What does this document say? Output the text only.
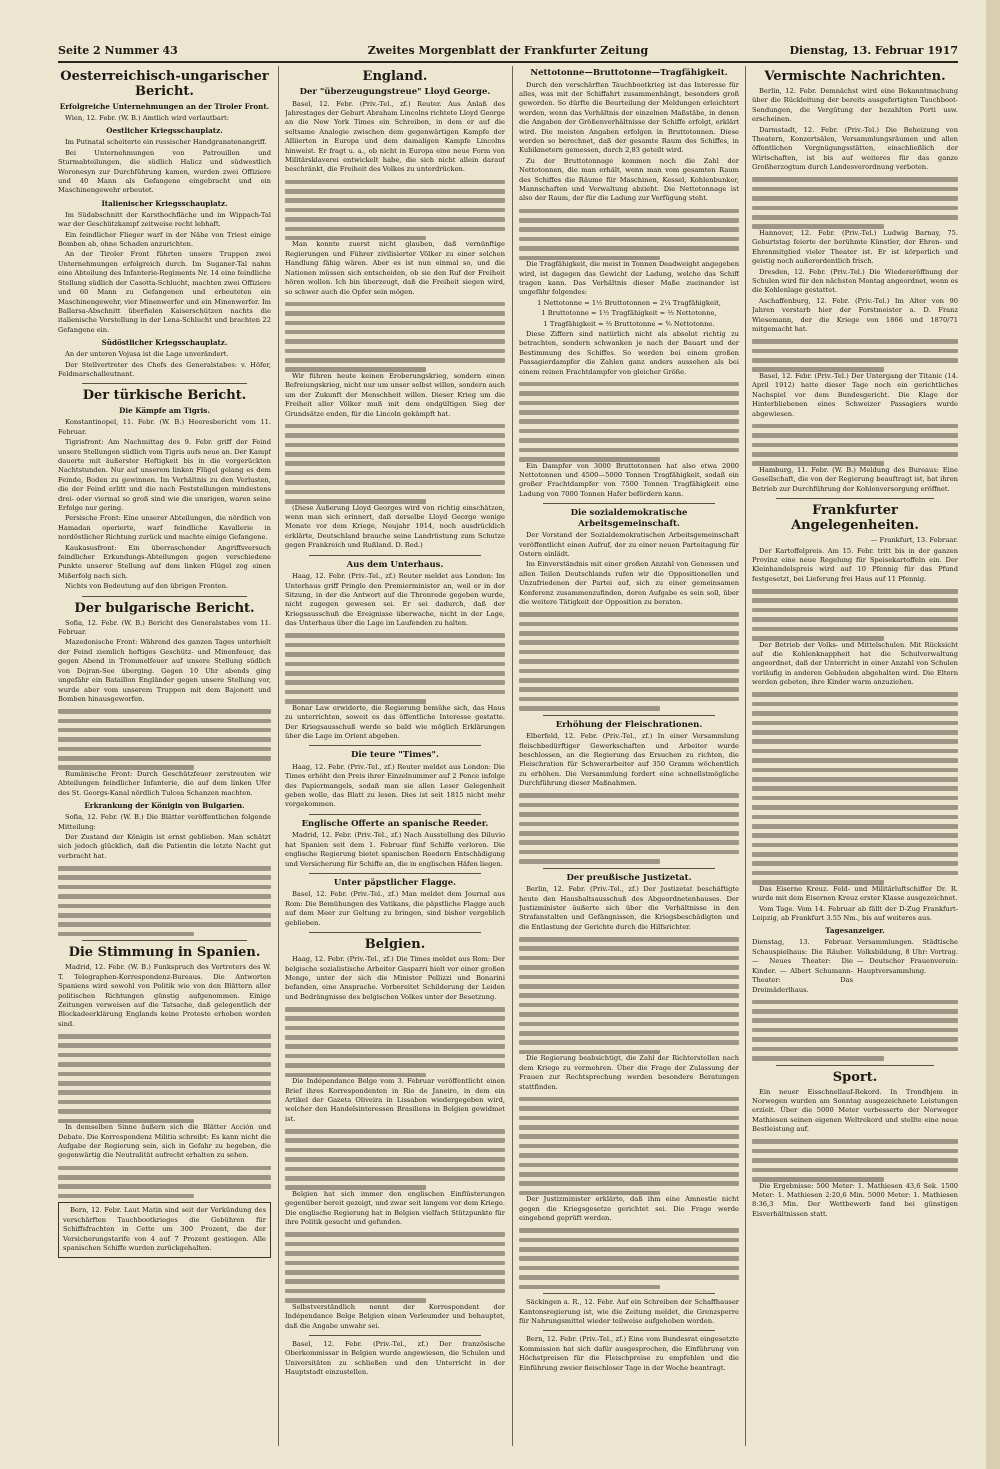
Seite 2 Nummer 43	Zweites Morgenblatt der Frankfurter Zeitung	Dienstag, 13. Februar 1917
Oesterreichisch-ungarischer Bericht.
Erfolgreiche Unternehmungen an der Tiroler Front.

Wien, 12. Febr. (W. B.) Amtlich wird verlautbart:

Oestlicher Kriegsschauplatz.

Im Putnatal scheiterte ein russischer Handgranatenangriff.

Bei Unternehmungen von Patrouillen und Sturmabteilungen, die südlich Halicz und südwestlich Woronesyn zur Durchführung kamen, wurden zwei Offiziere und 40 Mann als Gefangene eingebracht und ein Maschinengewehr erbeutet.

Italienischer Kriegsschauplatz.

Im Südabschnitt der Karsthochfläche und im Wippach-Tal war der Geschützkampf zeitweise recht lebhaft.

Ein feindlicher Flieger warf in der Nähe von Triest einige Bomben ab, ohne Schaden anzurichten.

An der Tiroler Front führten unsere Truppen zwei Unternehmungen erfolgreich durch. Im Suganer-Tal nahm eine Abteilung des Infanterie-Regiments Nr. 14 eine feindliche Stellung südlich der Casotta-Schlucht, machten zwei Offiziere und 60 Mann zu Gefangenen und erbeuteten ein Maschinengewehr, vier Minenwerfer und ein Minenwerfer. Im Ballarsa-Abschnitt überfielen Kaiserschützen nachts die italienische Vorstellung in der Lena-Schlucht und brachten 22 Gefangene ein.

Südöstlicher Kriegsschauplatz.

An der unteren Vojusa ist die Lage unverändert.

Der Stellvertreter des Chefs des Generalstabes: v. Höfer, Feldmarschalleutnant.

Der türkische Bericht.
Die Kämpfe am Tigris.

Konstantinopel, 11. Febr. (W. B.) Heeresbericht vom 11. Februar.

Tigrisfront: Am Nachmittag des 9. Febr. griff der Feind unsere Stellungen südlich vom Tigris aufs neue an. Der Kampf dauerte mit äußerster Heftigkeit bis in die vorgerückten Nachtstunden. Nur auf unserem linken Flügel gelang es dem Feinde, Boden zu gewinnen. Im Verhältnis zu den Verlusten, die der Feind erlitt und die nach Feststellungen mindestens drei- oder viermal so groß sind wie die unsrigen, waren seine Erfolge nur gering.

Persische Front: Eine unserer Abteilungen, die nördlich von Hamadan operierte, warf feindliche Kavallerie in nordöstlicher Richtung zurück und machte einige Gefangene.

Kaukasusfront: Ein überraschender Angriffsversuch feindlicher Erkundungs-Abteilungen gegen verschiedene Punkte unserer Stellung auf dem linken Flügel zog einen Mißerfolg nach sich.

Nichts von Bedeutung auf den übrigen Fronten.

Der bulgarische Bericht.

Sofia, 12. Febr. (W. B.) Bericht des Generalstabes vom 11. Februar.

Mazedonische Front: Während des ganzen Tages unterhielt der Feind ziemlich heftiges Geschütz- und Minenfeuer, das gegen Abend in Trommelfeuer auf unsere Stellung südlich von Dojran-See überging. Gegen 10 Uhr abends ging ungefähr ein Bataillon Engländer gegen unsere Stellung vor, wurde aber vom unserem Truppen mit dem Bajonett und Bomben hinausgeworfen.

Rumänische Front: Durch Geschützfeuer zerstreuten wir Abteilungen feindlicher Infanterie, die auf dem linken Ufer des St. Georgs-Kanal nördlich Tulcea Schanzen machten.

Erkrankung der Königin von Bulgarien.

Sofia, 12. Febr. (W. B.) Die Blätter veröffentlichen folgende Mitteilung:

Der Zustand der Königin ist ernst geblieben. Man schätzt sich jedoch glücklich, daß die Patientin die letzte Nacht gut verbracht hat.

Die Stimmung in Spanien.

Madrid, 12. Febr. (W. B.) Funkspruch des Vertreters des W. T. Telegraphen-Korrespondenz-Bureaus. Die Antworten Spaniens wird sowohl von Politik wie von den Blättern aller politischen Richtungen günstig aufgenommen. Einige Zeitungen verweisen auf die Tatsache, daß gelegentlich der Blockadeerklärung Englands keine Proteste erhoben worden sind.

In demselben Sinne äußern sich die Blätter Acción und Debate. Die Korrespondenz Militia schreibt: Es kann nicht die Aufgabe der Regierung sein, sich in Gefahr zu begeben, die gegenwärtig die Neutralität aufrecht erhalten zu sehen.

Bern, 12. Febr. Laut Matin sind seit der Verkündung des verschärften Tauchbootkrieges die Gebühren für Schiffsfrachten in Cette um 300 Prozent, die der Versicherungstarife von 4 auf 7 Prozent gestiegen. Alle spanischen Schiffe wurden zurückgehalten.

England.
Der "überzeugungstreue" Lloyd George.

Basel, 12. Febr. (Priv.-Tel., zf.) Reuter. Aus Anlaß des Jahrestages der Geburt Abraham Lincolns richtete Lloyd George an die New York Times ein Schreiben, in dem er auf die seltsame Analogie zwischen dem gegenwärtigen Kampfe der Alliierten in Europa und dem damaligen Kampfe Lincolns hinweist. Er fragt u. a., ob nicht in Europa eine neue Form von Militärsklaverei entwickelt habe, die sich nicht allein darauf beschränkt, die Freiheit des Volkes zu unterdrücken.

Man konnte zuerst nicht glauben, daß vernünftige Regierungen und Führer zivilisierter Völker zu einer solchen Handlung fähig wären. Aber es ist nun einmal so, und die Nationen müssen sich entscheiden, ob sie den Ruf der Freiheit hören wollen. Ich bin überzeugt, daß die Freiheit siegen wird, so schwer auch die Opfer sein mögen.

Wir führen heute keinen Eroberungskrieg, sondern einen Befreiungskrieg, nicht nur um unser selbst willen, sondern auch um der Zukunft der Menschheit willen. Dieser Krieg um die Freiheit aller Völker muß mit dem endgültigen Sieg der Grundsätze enden, für die Lincoln gekämpft hat.

(Diese Äußerung Lloyd Georges wird von richtig einschätzen, wenn man sich erinnert, daß derselbe Lloyd George wenige Monate vor dem Kriege, Neujahr 1914, noch ausdrücklich erklärte, Deutschland brauche seine Landrüstung zum Schutze gegen Frankreich und Rußland. D. Red.)

Aus dem Unterhaus.

Haag, 12. Febr. (Priv.-Tel., zf.) Reuter meldet aus London: Im Unterhaus griff Pringle den Premierminister an, weil er in der Sitzung, in der die Antwort auf die Thronrede gegeben wurde, nicht zugegen gewesen sei. Er sei dadurch, daß der Kriegsausschuß die Ereignisse überwache, nicht in der Lage, das Unterhaus über die Lage im Laufenden zu halten.

Bonar Law erwiderte, die Regierung bemühe sich, das Haus zu unterrichten, soweit es das öffentliche Interesse gestatte. Der Kriegsausschuß werde so bald wie möglich Erklärungen über die Lage im Orient abgeben.

Die teure "Times".

Haag, 12. Febr. (Priv.-Tel., zf.) Reuter meldet aus London: Die Times erhöht den Preis ihrer Einzelnummer auf 2 Pence infolge des Papiermangels, sodaß man sie allen Leser Gelegenheit geben wolle, das Blatt zu lesen. Dies ist seit 1815 nicht mehr vorgekommen.

Englische Offerte an spanische Reeder.

Madrid, 12. Febr. (Priv.-Tel., zf.) Nach Ausstellung des Diluvio hat Spanien seit dem 1. Februar fünf Schiffe verloren. Die englische Regierung bietet spanischen Reedern Entschädigung und Versicherung für Schiffe an, die in englischen Häfen liegen.

Unter päpstlicher Flagge.

Basel, 12. Febr. (Priv.-Tel., zf.) Man meldet dem Journal aus Rom: Die Bemühungen des Vatikans, die päpstliche Flagge auch auf dem Meer zur Geltung zu bringen, sind bisher vergeblich geblieben.

Belgien.

Haag, 12. Febr. (Priv.-Tel., zf.) Die Times meldet aus Rom: Der belgische sozialistische Arbeiter Gasparri hielt vor einer großen Menge, unter der sich die Minister Pellizzi und Bonarini befanden, eine Ansprache. Vorbereitet Schilderung der Leiden und Bedrängnisse des belgischen Volkes unter der Besetzung.

Die Indépendance Belge vom 3. Februar veröffentlicht einen Brief ihres Korrespondenten in Rio de Janeiro, in dem ein Artikel der Gazeta Oliveira in Lissabon wiedergegeben wird, welcher den Handelsinteressen Brasiliens in Belgien gewidmet ist.

Belgien hat sich immer den englischen Einflüsterungen gegenüber bereit gezeigt, und zwar seit langem vor dem Kriege. Die englische Regierung hat in Belgien vielfach Stützpunkte für ihre Politik gesucht und gefunden.

Selbstverständlich nennt der Korrespondent der Indépendance Belge Belgien einen Verleumder und behauptet, daß die Angabe unwahr sei.

Basel, 12. Febr. (Priv.-Tel., zf.) Der französische Oberkommissar in Belgien wurde angewiesen, die Schulen und Universitäten zu schließen und den Unterricht in der Hauptstadt einzustellen.

Nettotonne—Bruttotonne—Tragfähigkeit.

Durch den verschärften Tauchbootkrieg ist das Interesse für alles, was mit der Schiffahrt zusammenhängt, besonders groß geworden. So dürfte die Beurteilung der Meldungen erleichtert werden, wenn das Verhältnis der einzelnen Maßstäbe, in denen die Angaben der Größenverhältnisse der Schiffe erfolgt, erklärt wird. Die meisten Angaben erfolgen in Bruttotonnen. Diese werden so berechnet, daß der gesamte Raum des Schiffes, in Kubikmetern gemessen, durch 2,83 geteilt wird.

Zu der Bruttotonnage kommen noch die Zahl der Nettotonnen, die man erhält, wenn man vom gesamten Raum des Schiffes die Räume für Maschinen, Kessel, Kohlenbunker, Mannschaften und Verwaltung abzieht. Die Nettotonnage ist also der Raum, der für die Ladung zur Verfügung steht.

Die Tragfähigkeit, die meist in Tonnen Deadweight angegeben wird, ist dagegen das Gewicht der Ladung, welche das Schiff tragen kann. Das Verhältnis dieser Maße zueinander ist ungefähr folgendes:

1 Nettotonne = 1½ Bruttotonnen = 2¼ Tragfähigkeit,

1 Bruttotonne = 1½ Tragfähigkeit = ⅔ Nettotonne,

1 Tragfähigkeit = ⅔ Bruttotonne = ⁴⁄₉ Nettotonne.

Diese Ziffern sind natürlich nicht als absolut richtig zu betrachten, sondern schwanken je nach der Bauart und der Bestimmung des Schiffes. So werden bei einem großen Passagierdampfer die Zahlen ganz anders aussehen als bei einem reinen Frachtdampfer von gleicher Größe.

Ein Dampfer von 3000 Bruttotonnen hat also etwa 2000 Nettotonnen und 4500—5000 Tonnen Tragfähigkeit, sodaß ein großer Frachtdampfer von 7500 Tonnen Tragfähigkeit eine Ladung von 7000 Tonnen Hafer befördern kann.

Die sozialdemokratische Arbeitsgemeinschaft.

Der Vorstand der Sozialdemokratischen Arbeitsgemeinschaft veröffentlicht einen Aufruf, der zu einer neuen Parteitagung für Ostern einlädt.

Im Einverständnis mit einer großen Anzahl von Genossen und allen Teilen Deutschlands rufen wir die Oppositionellen und Unzufriedenen der Partei auf, sich zu einer gemeinsamen Konferenz zusammenzufinden, deren Aufgabe es sein soll, über die weitere Tätigkeit der Opposition zu beraten.

Erhöhung der Fleischrationen.

Elberfeld, 12. Febr. (Priv.-Tel., zf.) In einer Versammlung fleischbedürftiger Gewerkschaften und Arbeiter wurde beschlossen, an die Regierung das Ersuchen zu richten, die Fleischration für Schwerarbeiter auf 350 Gramm wöchentlich zu erhöhen. Die Versammlung fordert eine schnellstmögliche Durchführung dieser Maßnahmen.

Der preußische Justizetat.

Berlin, 12. Febr. (Priv.-Tel., zf.) Der Justizetat beschäftigte heute den Haushaltsausschuß des Abgeordnetenhauses. Der Justizminister äußerte sich über die Verhältnisse in den Strafanstalten und Gefängnissen, die Kriegsbeschädigten und die Entlastung der Gerichte durch die Hilfsrichter.

Die Regierung beabsichtigt, die Zahl der Richterstellen nach dem Kriege zu vermehren. Über die Frage der Zulassung der Frauen zur Rechtsprechung werden besondere Beratungen stattfinden.

Der Justizminister erklärte, daß ihm eine Amnestie nicht gegen die Kriegsgesetze gerichtet sei. Die Frage werde eingehend geprüft werden.

Säckingen a. R., 12. Febr. Auf ein Schreiben der Schaffhauser Kantonsregierung ist, wie die Zeitung meldet, die Grenzsperre für Nahrungsmittel wieder teilweise aufgehoben worden.

Bern, 12. Febr. (Priv.-Tel., zf.) Eine vom Bundesrat eingesetzte Kommission hat sich dafür ausgesprochen, die Einführung von Höchstpreisen für die Fleischpreise zu empfehlen und die Einführung zweier fleischloser Tage in der Woche beantragt.

Vermischte Nachrichten.

Berlin, 12. Febr. Demnächst wird eine Bekanntmachung über die Rückleitung der bereits ausgefertigten Tauchboot-Sendungen, die Vergütung der bezahlten Porti usw. erscheinen.

Darmstadt, 12. Febr. (Priv.-Tel.) Die Beheizung von Theatern, Konzertsälen, Versammlungsräumen und allen öffentlichen Vergnügungsstätten, einschließlich der Wirtschaften, ist bis auf weiteres für das ganze Großherzogtum durch Landesverordnung verboten.

Hannover, 12. Febr. (Priv.-Tel.) Ludwig Barnay, 75. Geburtstag feierte der berühmte Künstler, der Ehren- und Ehrenmitglied vieler Theater ist. Er ist körperlich und geistig noch außerordentlich frisch.

Dresden, 12. Febr. (Priv.-Tel.) Die Wiedereröffnung der Schulen wird für den nächsten Montag angeordnet, wenn es die Kohlenlage gestattet.

Aschaffenburg, 12. Febr. (Priv.-Tel.) Im Alter von 90 Jahren verstarb hier der Forstmeister a. D. Franz Wiesemann, der die Kriege von 1866 und 1870/71 mitgemacht hat.

Basel, 12. Febr. (Priv.-Tel.) Der Untergang der Titanic (14. April 1912) hatte dieser Tage noch ein gerichtliches Nachspiel vor dem Bundesgericht. Die Klage der Hinterbliebenen eines Schweizer Passagiers wurde abgewiesen.

Hamburg, 11. Febr. (W. B.) Meldung des Bureaus: Eine Gesellschaft, die von der Regierung beauftragt ist, hat ihren Betrieb zur Durchführung der Kohlenversorgung eröffnet.

Frankfurter Angelegenheiten.

— Frankfurt, 13. Februar.

Der Kartoffelpreis. Am 15. Febr. tritt bis in der ganzen Provinz eine neue Regelung für Speisekartoffeln ein. Der Kleinhandelspreis wird auf 10 Pfennig für das Pfund festgesetzt, bei Lieferung frei Haus auf 11 Pfennig.

Der Betrieb der Volks- und Mittelschulen. Mit Rücksicht auf die Kohlenknappheit hat die Schulverwaltung angeordnet, daß der Unterricht in einer Anzahl von Schulen vorläufig in anderen Gebäuden abgehalten wird. Die Eltern werden gebeten, ihre Kinder warm anzuziehen.

Das Eiserne Kreuz. Feld- und Militärluftschiffer Dr. R. wurde mit dem Eisernen Kreuz erster Klasse ausgezeichnet.

Vom Tage. Vom 14. Februar ab fällt der D-Zug Frankfurt-Leipzig, ab Frankfurt 3.55 Nm., bis auf weiteres aus.

Tagesanzeiger.
Dienstag, 13. Februar. Schauspielhaus: Die Räuber. — Neues Theater: Die Kinder. — Albert Schumann-Theater: Das Dreimäderlhaus.
Versammlungen. Städtische Volksbildung, 8 Uhr: Vortrag. — Deutscher Frauenverein: Hauptversammlung.
Sport.

Ein neuer Eisschnellauf-Rekord. In Trondhjem in Norwegen wurden am Sonntag ausgezeichnete Leistungen erzielt. Über die 5000 Meter verbesserte der Norweger Mathiesen seinen eigenen Weltrekord und stellte eine neue Bestleistung auf.

Die Ergebnisse: 500 Meter: 1. Mathiesen 43,6 Sek. 1500 Meter: 1. Mathiesen 2:20,6 Min. 5000 Meter: 1. Mathiesen 8:36,3 Min. Der Wettbewerb fand bei günstigen Eisverhältnissen statt.
